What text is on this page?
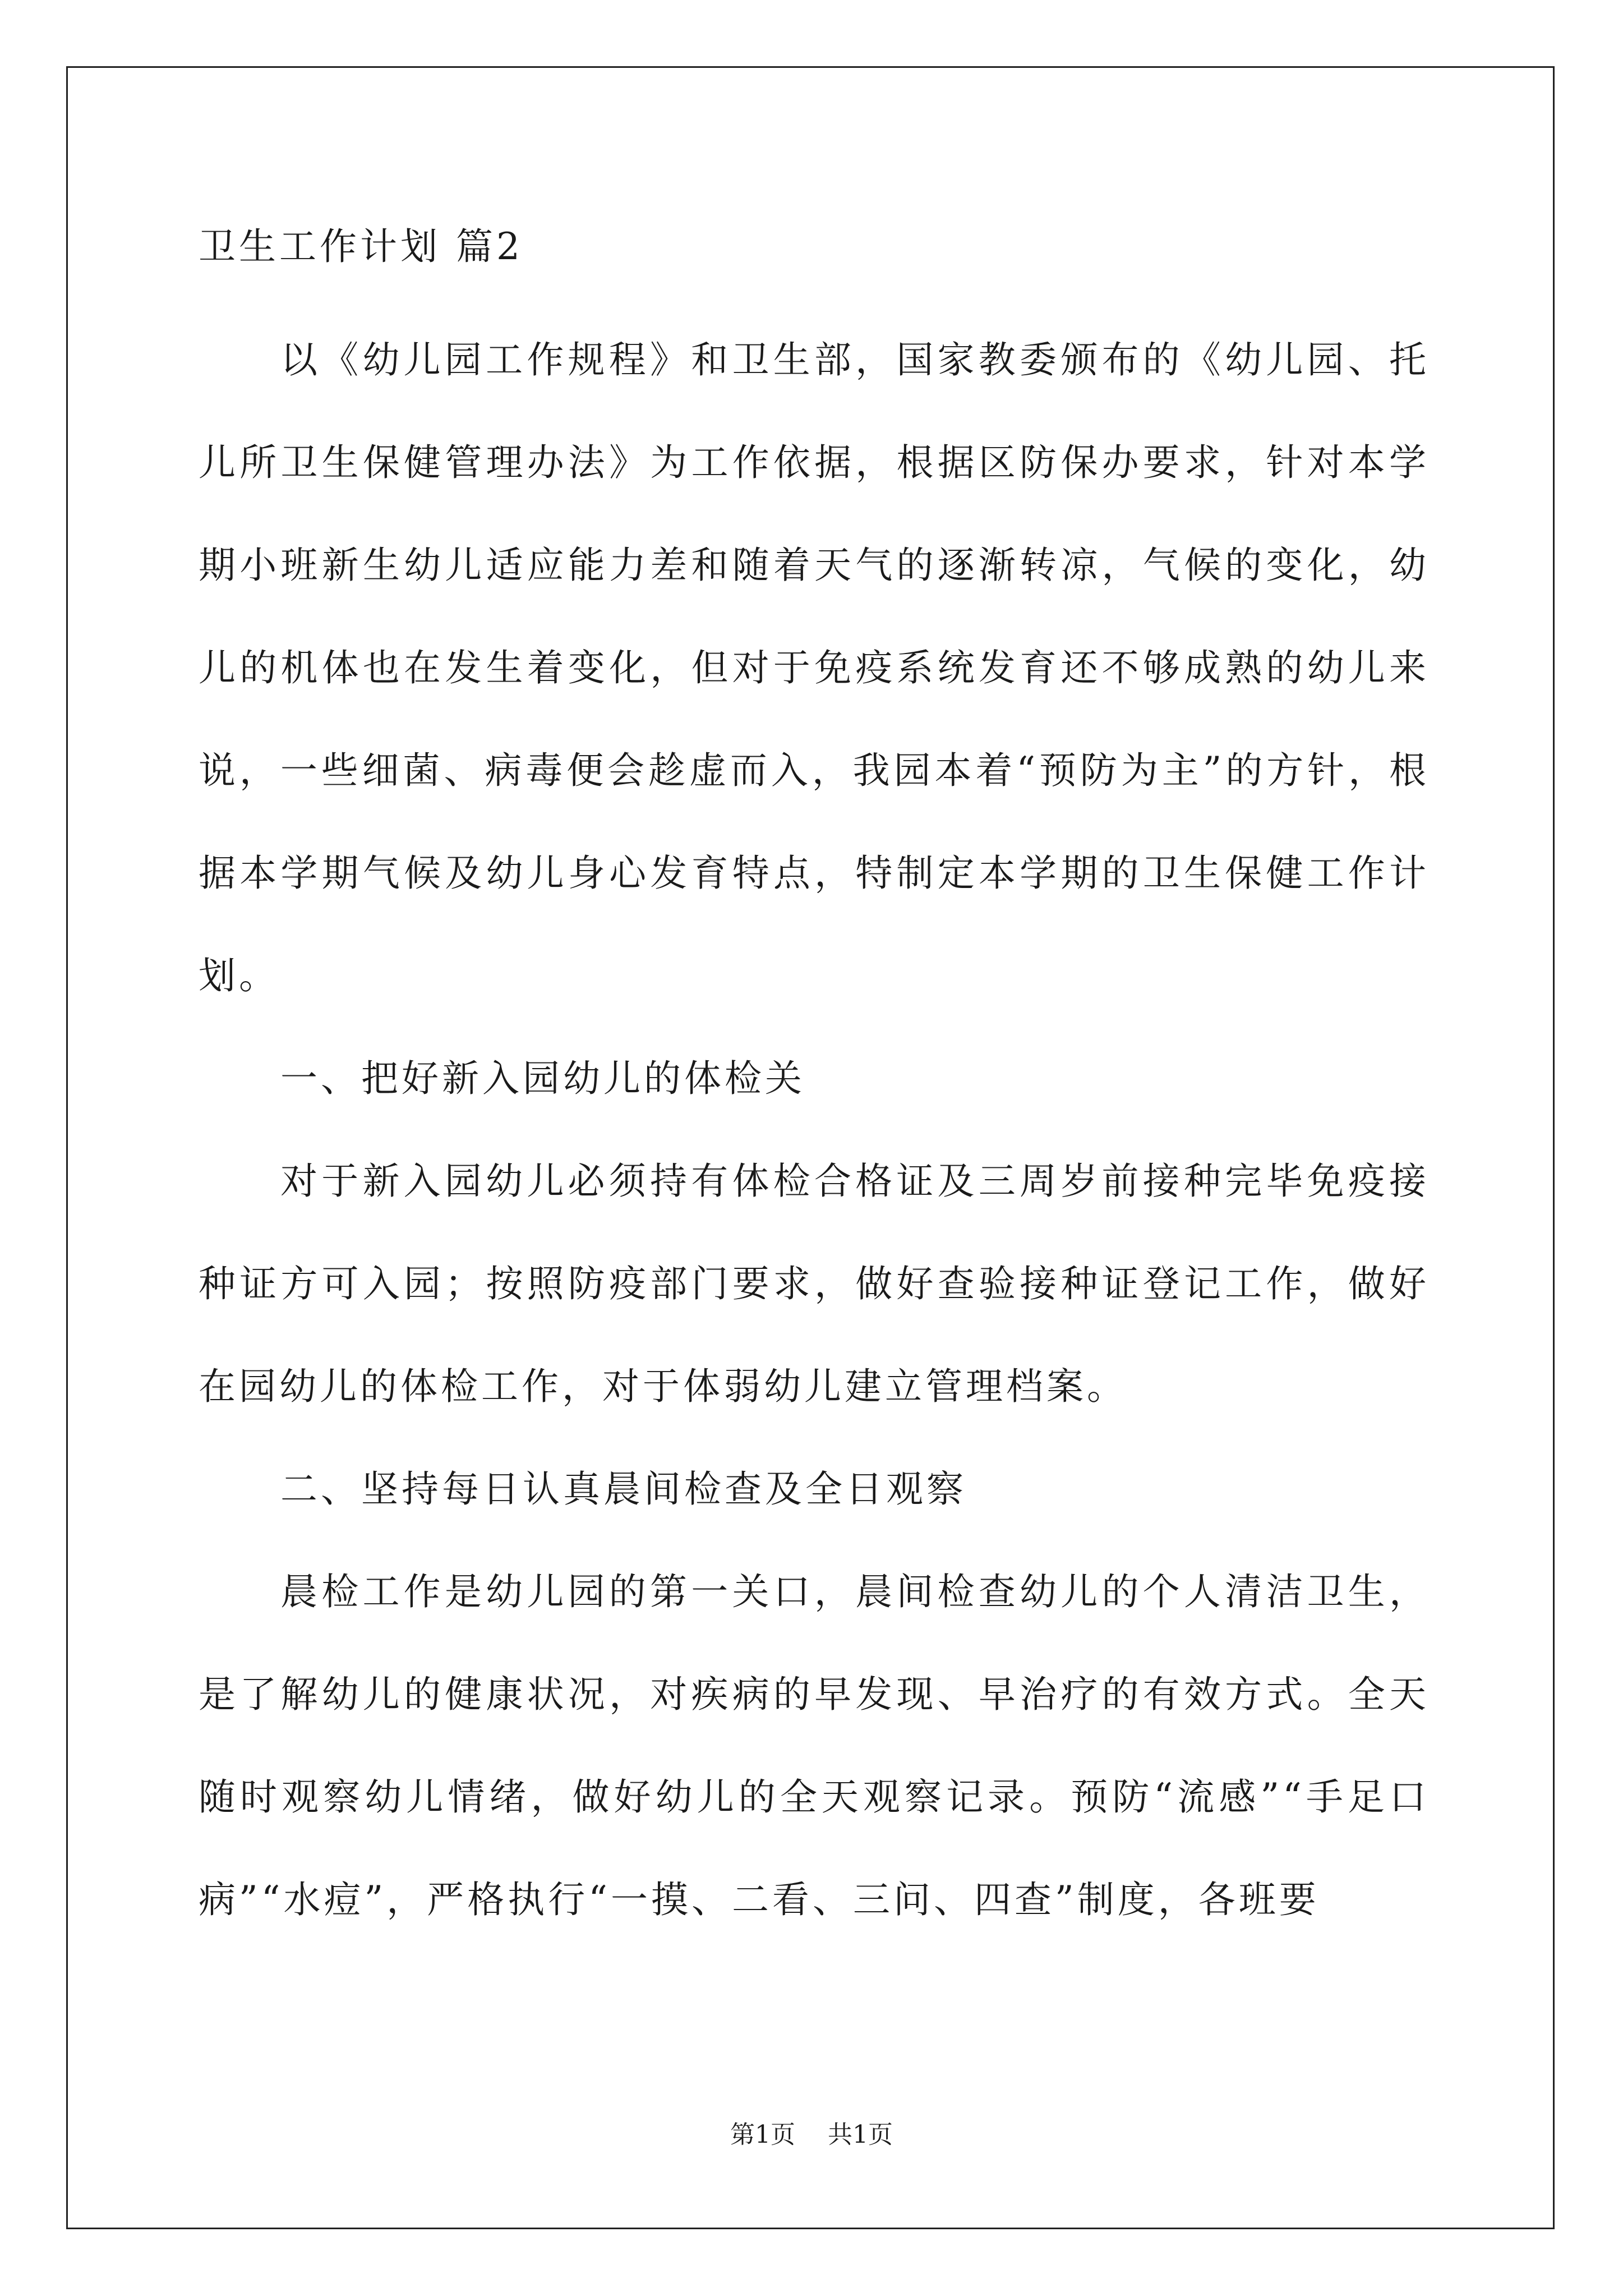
卫生工作计划 篇2

以《幼儿园工作规程》和卫生部，国家教委颁布的《幼儿园、托儿所卫生保健管理办法》为工作依据，根据区防保办要求，针对本学期小班新生幼儿适应能力差和随着天气的逐渐转凉，气候的变化，幼儿的机体也在发生着变化，但对于免疫系统发育还不够成熟的幼儿来说，一些细菌、病毒便会趁虚而入，我园本着“预防为主”的方针，根据本学期气候及幼儿身心发育特点，特制定本学期的卫生保健工作计划。

一、把好新入园幼儿的体检关

对于新入园幼儿必须持有体检合格证及三周岁前接种完毕免疫接种证方可入园；按照防疫部门要求，做好查验接种证登记工作，做好在园幼儿的体检工作，对于体弱幼儿建立管理档案。

二、坚持每日认真晨间检查及全日观察

晨检工作是幼儿园的第一关口，晨间检查幼儿的个人清洁卫生，是了解幼儿的健康状况，对疾病的早发现、早治疗的有效方式。全天随时观察幼儿情绪，做好幼儿的全天观察记录。预防“流感”“手足口病”“水痘”，严格执行“一摸、二看、三问、四查”制度，各班要

第1页 共1页
